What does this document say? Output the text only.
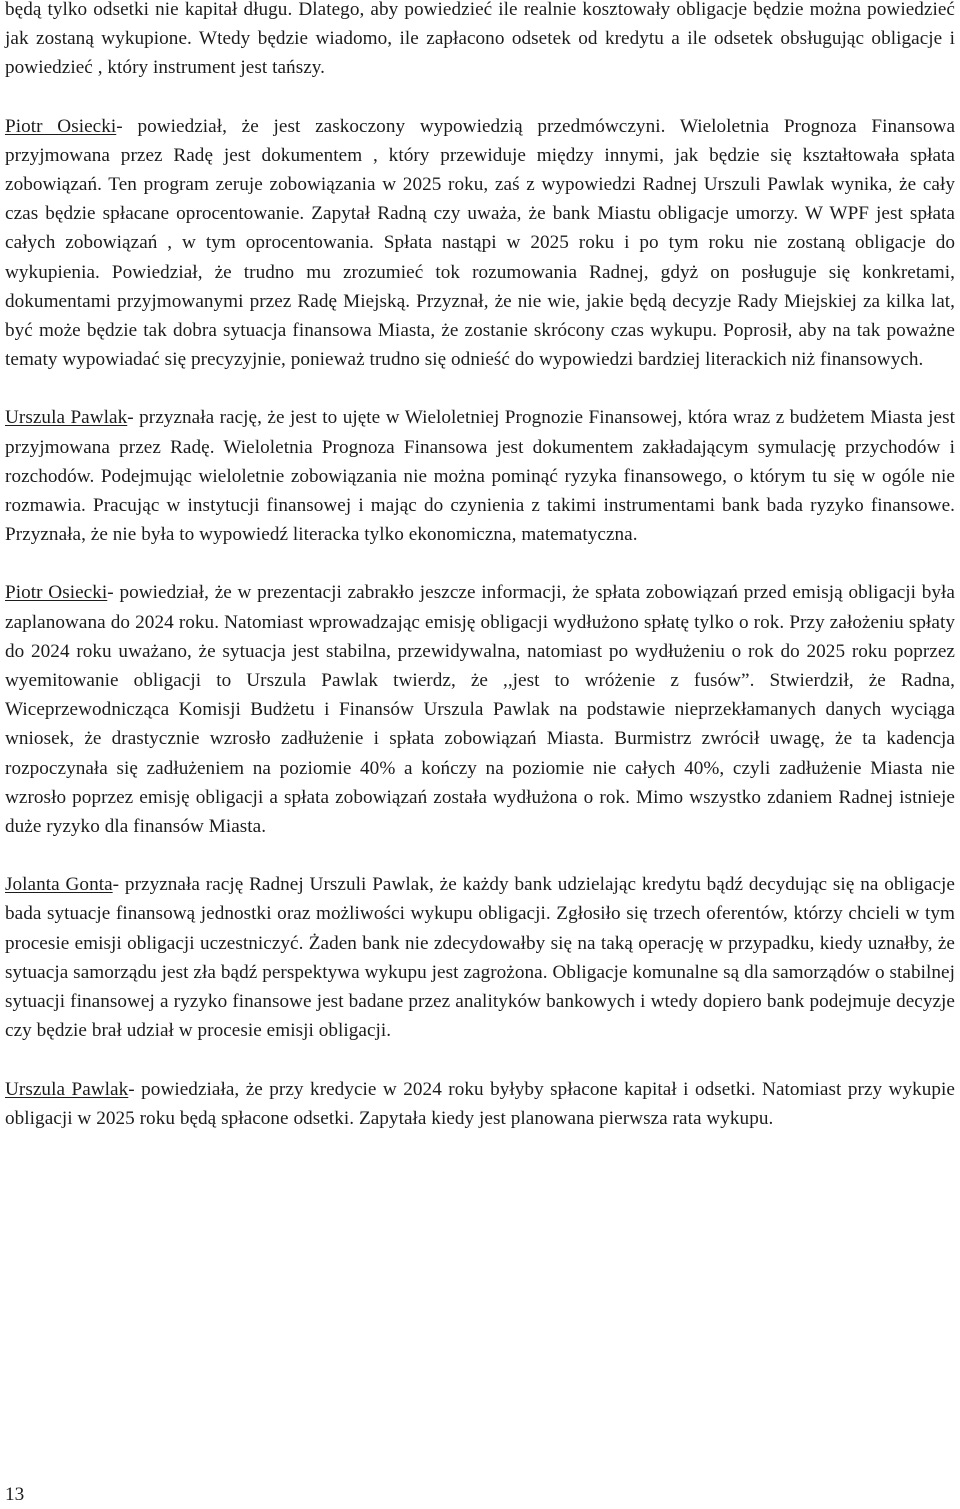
będą tylko odsetki nie kapitał długu. Dlatego, aby powiedzieć ile realnie kosztowały obligacje będzie można powiedzieć jak zostaną wykupione. Wtedy będzie wiadomo, ile zapłacono odsetek od kredytu a ile odsetek obsługując obligacje i powiedzieć , który instrument jest tańszy.

Piotr Osiecki- powiedział, że jest zaskoczony wypowiedzią przedmówczyni. Wieloletnia Prognoza Finansowa przyjmowana przez Radę jest dokumentem , który przewiduje między innymi, jak będzie się kształtowała spłata zobowiązań. Ten program zeruje zobowiązania w 2025 roku, zaś z wypowiedzi Radnej Urszuli Pawlak wynika, że cały czas będzie spłacane oprocentowanie. Zapytał Radną czy uważa, że bank Miastu obligacje umorzy. W WPF jest spłata całych zobowiązań , w tym oprocentowania. Spłata nastąpi w 2025 roku i po tym roku nie zostaną obligacje do wykupienia. Powiedział, że trudno mu zrozumieć tok rozumowania Radnej, gdyż on posługuje się konkretami, dokumentami przyjmowanymi przez Radę Miejską. Przyznał, że nie wie, jakie będą decyzje Rady Miejskiej za kilka lat, być może będzie tak dobra sytuacja finansowa Miasta, że zostanie skrócony czas wykupu. Poprosił, aby na tak poważne tematy wypowiadać się precyzyjnie, ponieważ trudno się odnieść do wypowiedzi bardziej literackich niż finansowych.

Urszula Pawlak- przyznała rację, że jest to ujęte w Wieloletniej Prognozie Finansowej, która wraz z budżetem Miasta jest przyjmowana przez Radę. Wieloletnia Prognoza Finansowa jest dokumentem zakładającym symulację przychodów i rozchodów. Podejmując wieloletnie zobowiązania nie można pominąć ryzyka finansowego, o którym tu się w ogóle nie rozmawia. Pracując w instytucji finansowej i mając do czynienia z takimi instrumentami bank bada ryzyko finansowe. Przyznała, że nie była to wypowiedź literacka tylko ekonomiczna, matematyczna.

Piotr Osiecki- powiedział, że w prezentacji zabrakło jeszcze informacji, że spłata zobowiązań przed emisją obligacji była zaplanowana do 2024 roku. Natomiast wprowadzając emisję obligacji wydłużono spłatę tylko o rok. Przy założeniu spłaty do 2024 roku uważano, że sytuacja jest stabilna, przewidywalna, natomiast po wydłużeniu o rok do 2025 roku poprzez wyemitowanie obligacji to Urszula Pawlak twierdz, że ,,jest to wróżenie z fusów”. Stwierdził, że Radna, Wiceprzewodnicząca Komisji Budżetu i Finansów Urszula Pawlak na podstawie nieprzekłamanych danych wyciąga wniosek, że drastycznie wzrosło zadłużenie i spłata zobowiązań Miasta. Burmistrz zwrócił uwagę, że ta kadencja rozpoczynała się zadłużeniem na poziomie 40% a kończy na poziomie nie całych 40%, czyli zadłużenie Miasta nie wzrosło poprzez emisję obligacji a spłata zobowiązań została wydłużona o rok. Mimo wszystko zdaniem Radnej istnieje duże ryzyko dla finansów Miasta.

Jolanta Gonta- przyznała rację Radnej Urszuli Pawlak, że każdy bank udzielając kredytu bądź decydując się na obligacje bada sytuacje finansową jednostki oraz możliwości wykupu obligacji. Zgłosiło się trzech oferentów, którzy chcieli w tym procesie emisji obligacji uczestniczyć. Żaden bank nie zdecydowałby się na taką operację w przypadku, kiedy uznałby, że sytuacja samorządu jest zła bądź perspektywa wykupu jest zagrożona. Obligacje komunalne są dla samorządów o stabilnej sytuacji finansowej a ryzyko finansowe jest badane przez analityków bankowych i wtedy dopiero bank podejmuje decyzje czy będzie brał udział w procesie emisji obligacji.

Urszula Pawlak- powiedziała, że przy kredycie w 2024 roku byłyby spłacone kapitał i odsetki. Natomiast przy wykupie obligacji w 2025 roku będą spłacone odsetki. Zapytała kiedy jest planowana pierwsza rata wykupu.

13
